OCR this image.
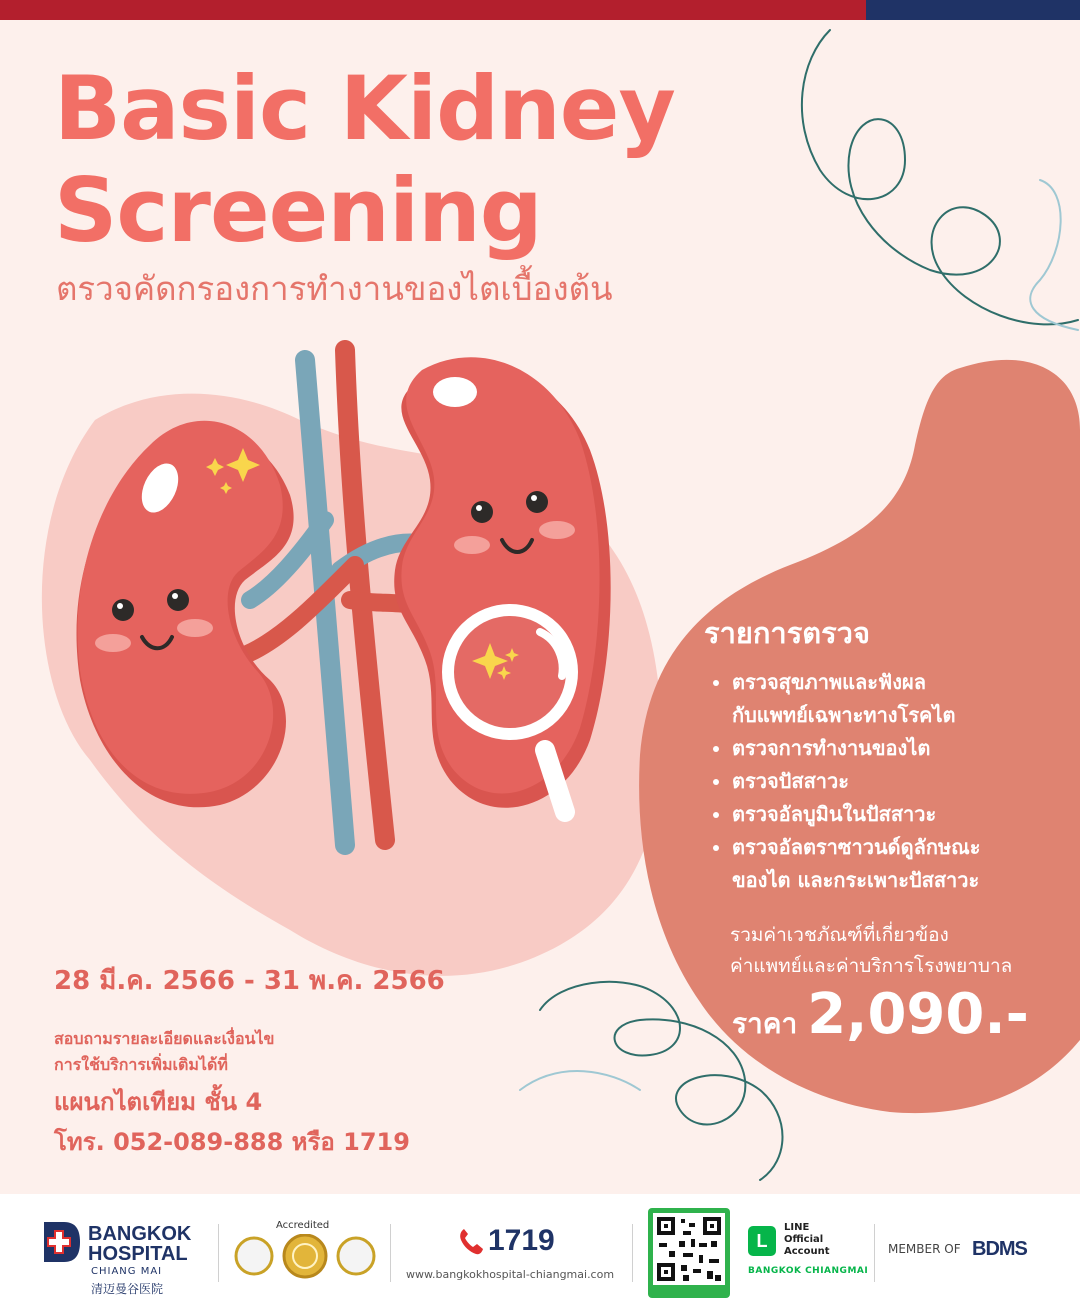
Basic Kidney
Screening
ตรวจคัดกรองการทำงานของไตเบื้องต้น
รายการตรวจ
• ตรวจสุขภาพและฟังผล
กับแพทย์เฉพาะทางโรคไต
• ตรวจการทำงานของไต
• ตรวจปัสสาวะ
• ตรวจอัลบูมินในปัสสาวะ
• ตรวจอัลตราซาวนด์ดูลักษณะ
ของไต และกระเพาะปัสสาวะ
รวมค่าเวชภัณฑ์ที่เกี่ยวข้อง
ค่าแพทย์และค่าบริการโรงพยาบาล
ราคา 2,090.-
28 มี.ค. 2566 - 31 พ.ค. 2566
สอบถามรายละเอียดและเงื่อนไข
การใช้บริการเพิ่มเติมได้ที่
แผนกไตเทียม ชั้น 4
โทร. 052-089-888 หรือ 1719
BANGKOK
HOSPITAL
CHIANG MAI
清迈曼谷医院
Accredited	1719
www.bangkokhospital-chiangmai.com
L
LINE
Official
Account
BANGKOK CHIANGMAI
MEMBER OF BDMS
